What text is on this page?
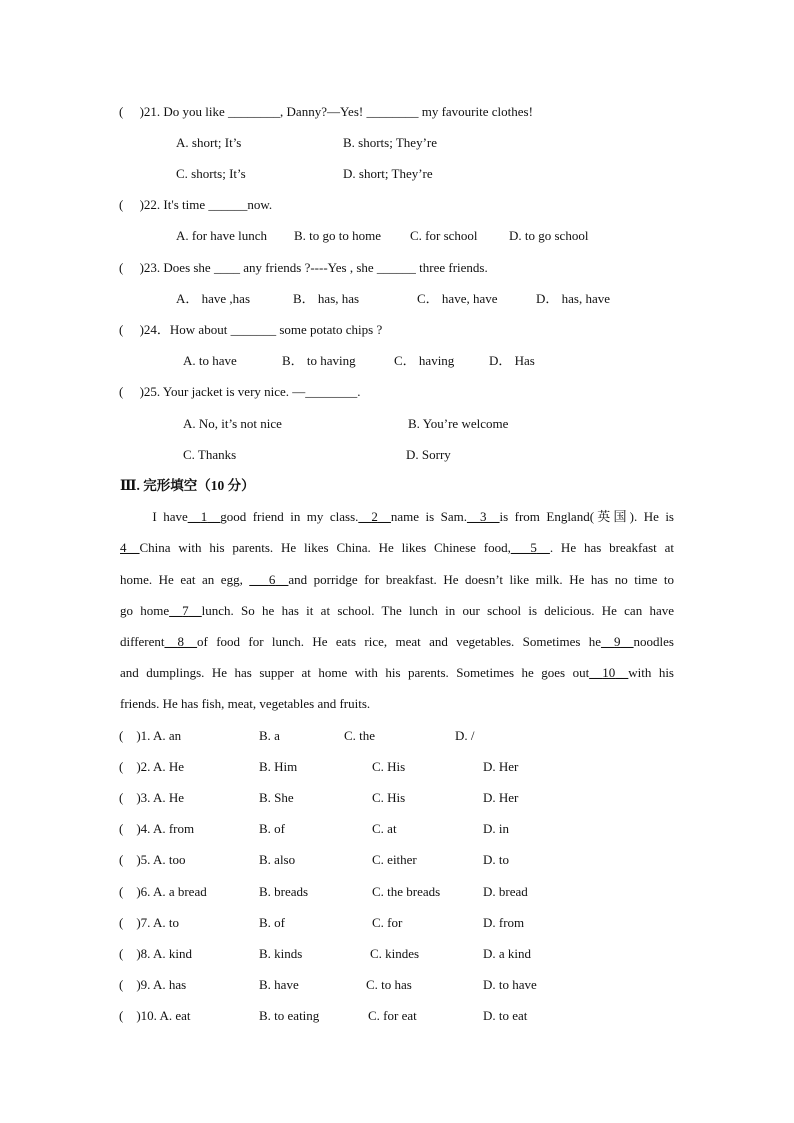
(　 )21. Do you like ________, Danny?—Yes! ________ my favourite clothes!
A. short; It’s	B. shorts; They’re
C. shorts; It’s	D. short; They’re
(　 )22. It's time ______now.
A. for have lunch B. to go to home C. for school D. to go school
(　 )23. Does she ____ any friends ?----Yes , she ______ three friends.
A． have ,has	B． has, has	C． have, have	D． has, have
(　 )24．How about _______ some potato chips ?
A. to have	B． to having	C． having	D． Has
(　 )25. Your jacket is very nice. —________.
A. No, it’s not nice	B. You’re welcome
C. Thanks	D. Sorry
Ⅲ. 完形填空（10 分）
　　I have__1__good friend in my class.__2__name is Sam.__3__is from England(英国). He is
4__China with his parents. He likes China. He likes Chinese food,___5__. He has breakfast at
home. He eat an egg, ___6__and porridge for breakfast. He doesn’t like milk. He has no time to
go home__7__lunch. So he has it at school. The lunch in our school is delicious. He can have
different__8__of food for lunch. He eats rice, meat and vegetables. Sometimes he__9__noodles
and dumplings. He has supper at home with his parents. Sometimes he goes out__10__with his
friends. He has fish, meat, vegetables and fruits.
(　)1. A. an	B. a	C. the	D. /
(　)2. A. He	B. Him	C. His	D. Her
(　)3. A. He	B. She	C. His	D. Her
(　)4. A. from	B. of	C. at	D. in
(　)5. A. too	B. also	C. either	D. to
(　)6. A. a bread	B. breads	C. the breads	D. bread
(　)7. A. to	B. of	C. for	D. from
(　)8. A. kind	B. kinds	C. kindes	D. a kind
(　)9. A. has	B. have	C. to has	D. to have
(　)10. A. eat	B. to eating	C. for eat	D. to eat
